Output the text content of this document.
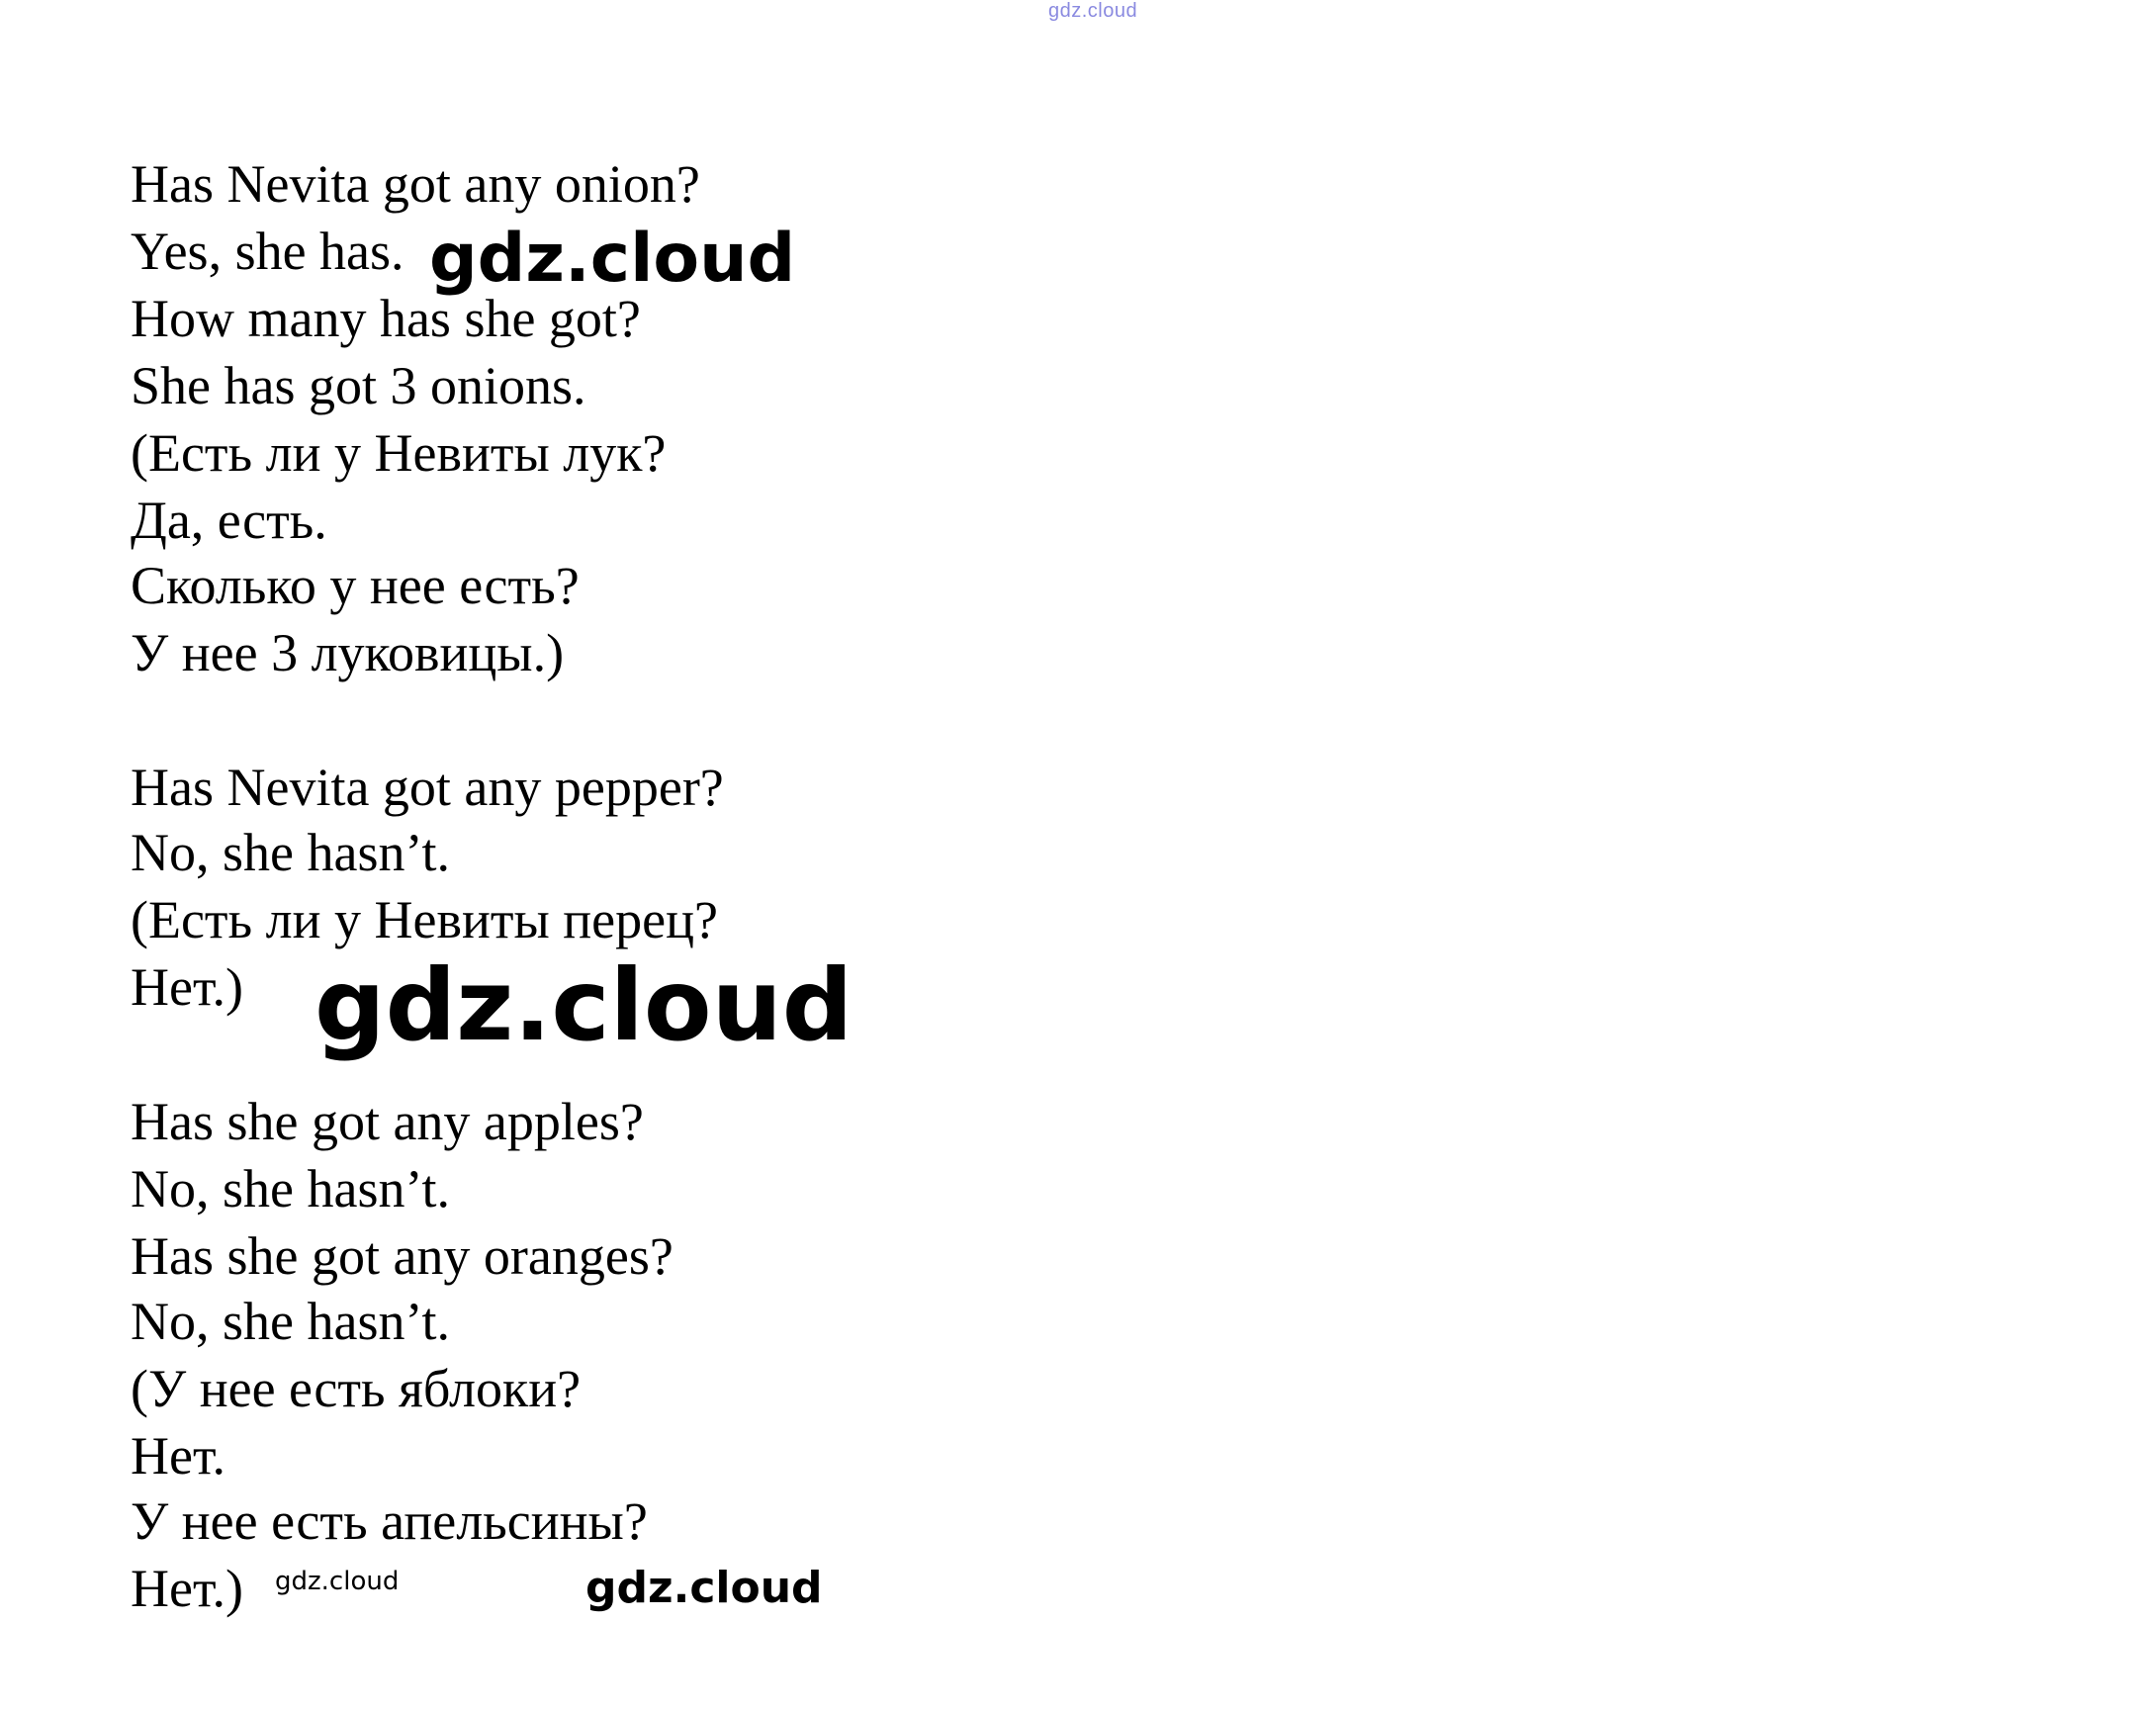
gdz.cloud
Has Nevita got any onion?
Yes, she has.
How many has she got?
She has got 3 onions.
(Есть ли у Невиты лук?
Да, есть.
Сколько у нее есть?
У нее 3 луковицы.)
Has Nevita got any pepper?
No, she hasn’t.
(Есть ли у Невиты перец?
Нет.)
Has she got any apples?
No, she hasn’t.
Has she got any oranges?
No, she hasn’t.
(У нее есть яблоки?
Нет.
У нее есть апельсины?
Нет.)
gdz.cloud
gdz.cloud
gdz.cloud	gdz.cloud
